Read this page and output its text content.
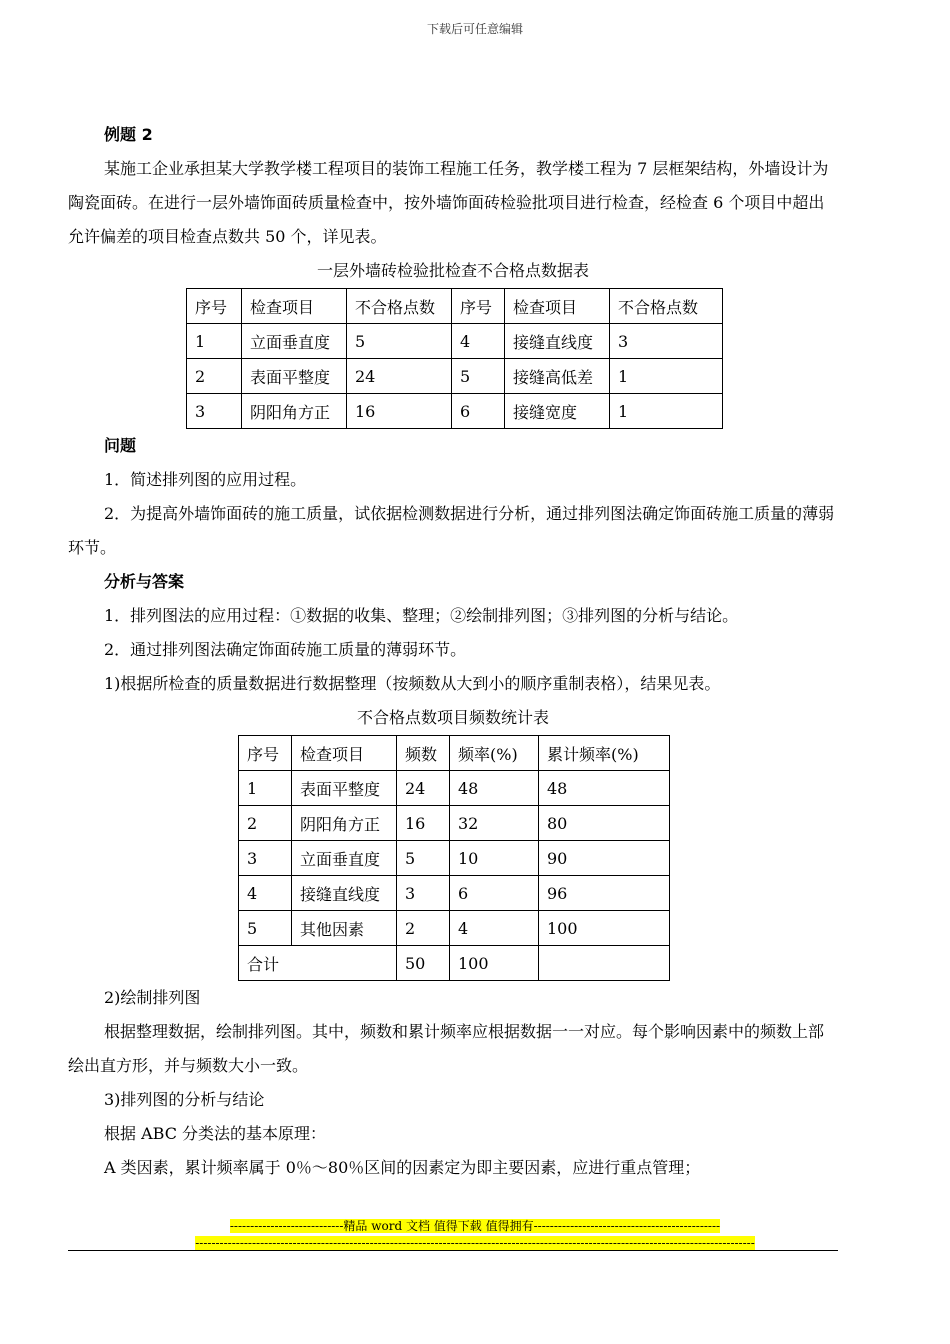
下载后可任意编辑

例题 2

某施工企业承担某大学教学楼工程项目的装饰工程施工任务，教学楼工程为 7 层框架结构，外墙设计为陶瓷面砖。在进行一层外墙饰面砖质量检查中，按外墙饰面砖检验批项目进行检查，经检查 6 个项目中超出允许偏差的项目检查点数共 50 个，详见表。

一层外墙砖检验批检查不合格点数据表

序号	检查项目	不合格点数	序号	检查项目	不合格点数
1	立面垂直度	5	4	接缝直线度	3
2	表面平整度	24	5	接缝高低差	1
3	阴阳角方正	16	6	接缝宽度	1

问题

1．简述排列图的应用过程。

2．为提高外墙饰面砖的施工质量，试依据检测数据进行分析，通过排列图法确定饰面砖施工质量的薄弱环节。

分析与答案

1．排列图法的应用过程：①数据的收集、整理；②绘制排列图；③排列图的分析与结论。

2．通过排列图法确定饰面砖施工质量的薄弱环节。

1)根据所检查的质量数据进行数据整理（按频数从大到小的顺序重制表格），结果见表。

不合格点数项目频数统计表

序号	检查项目	频数	频率(%)	累计频率(%)
1	表面平整度	24	48	48
2	阴阳角方正	16	32	80
3	立面垂直度	5	10	90
4	接缝直线度	3	6	96
5	其他因素	2	4	100
合计		50	100	

2)绘制排列图

根据整理数据，绘制排列图。其中，频数和累计频率应根据数据一一对应。每个影响因素中的频数上部绘出直方形，并与频数大小一致。

3)排列图的分析与结论

根据 ABC 分类法的基本原理：

A 类因素，累计频率属于 0％～80％区间的因素定为即主要因素，应进行重点管理；

----------------------------精品 word 文档 值得下载 值得拥有----------------------------------------------
------------------------------------------------------------------------------------------------------------------------------------------
